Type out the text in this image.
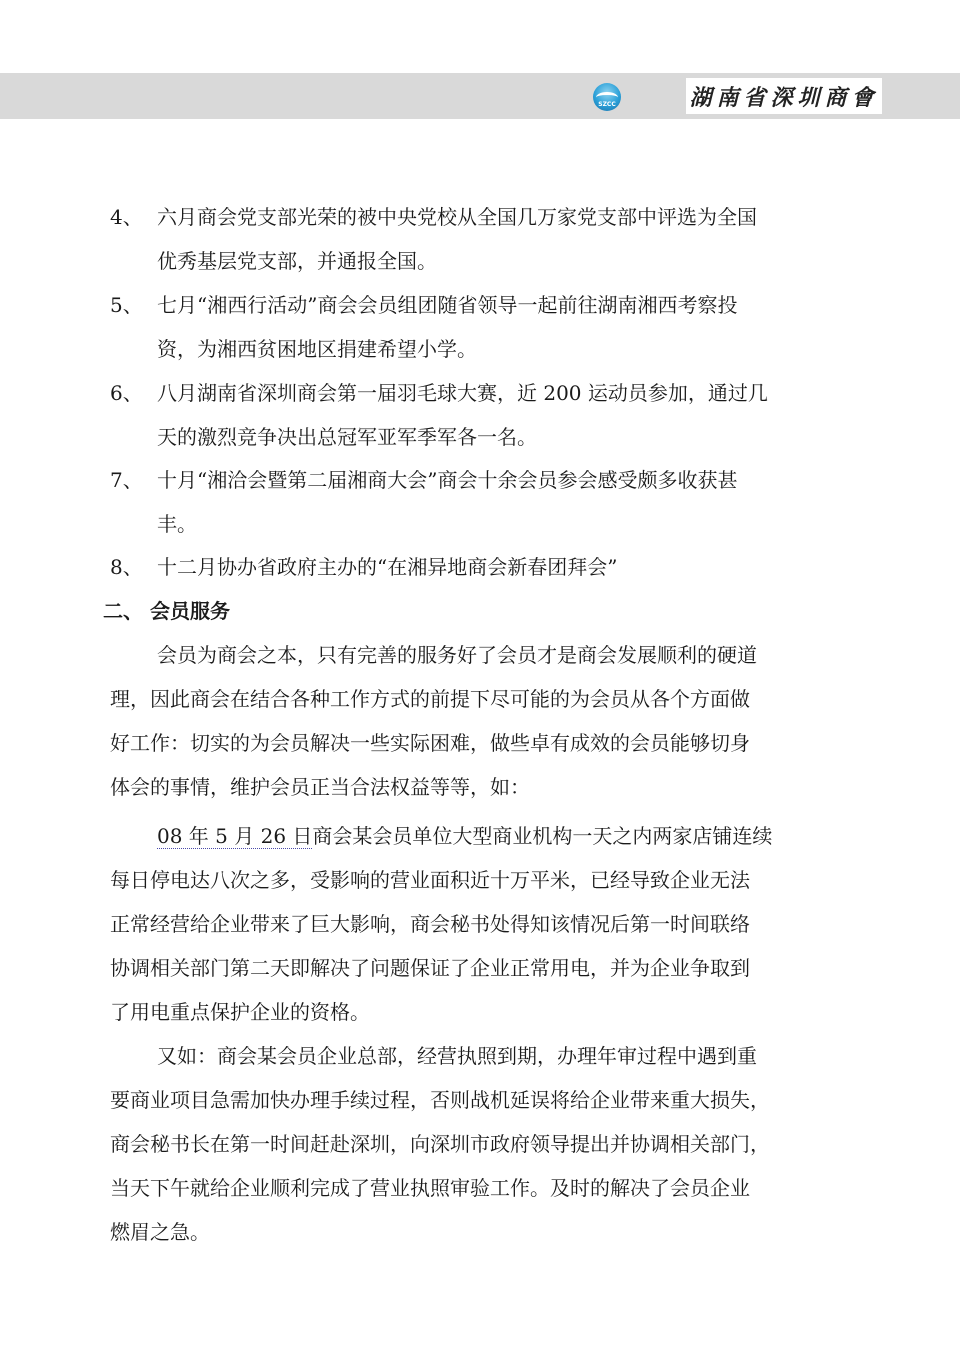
SZCC	湖南省深圳商會
4、 六月商会党支部光荣的被中央党校从全国几万家党支部中评选为全国
优秀基层党支部，并通报全国。
5、 七月“湘西行活动”商会会员组团随省领导一起前往湖南湘西考察投
资，为湘西贫困地区捐建希望小学。
6、 八月湖南省深圳商会第一届羽毛球大赛，近 200 运动员参加，通过几
天的激烈竞争决出总冠军亚军季军各一名。
7、 十月“湘洽会暨第二届湘商大会”商会十余会员参会感受颇多收获甚
丰。
8、 十二月协办省政府主办的“在湘异地商会新春团拜会”
二、 会员服务
会员为商会之本，只有完善的服务好了会员才是商会发展顺利的硬道
理，因此商会在结合各种工作方式的前提下尽可能的为会员从各个方面做
好工作：切实的为会员解决一些实际困难，做些卓有成效的会员能够切身
体会的事情，维护会员正当合法权益等等，如：
08 年 5 月 26 日商会某会员单位大型商业机构一天之内两家店铺连续
每日停电达八次之多，受影响的营业面积近十万平米，已经导致企业无法
正常经营给企业带来了巨大影响，商会秘书处得知该情况后第一时间联络
协调相关部门第二天即解决了问题保证了企业正常用电，并为企业争取到
了用电重点保护企业的资格。
又如：商会某会员企业总部，经营执照到期，办理年审过程中遇到重
要商业项目急需加快办理手续过程，否则战机延误将给企业带来重大损失，
商会秘书长在第一时间赶赴深圳，向深圳市政府领导提出并协调相关部门，
当天下午就给企业顺利完成了营业执照审验工作。及时的解决了会员企业
燃眉之急。
